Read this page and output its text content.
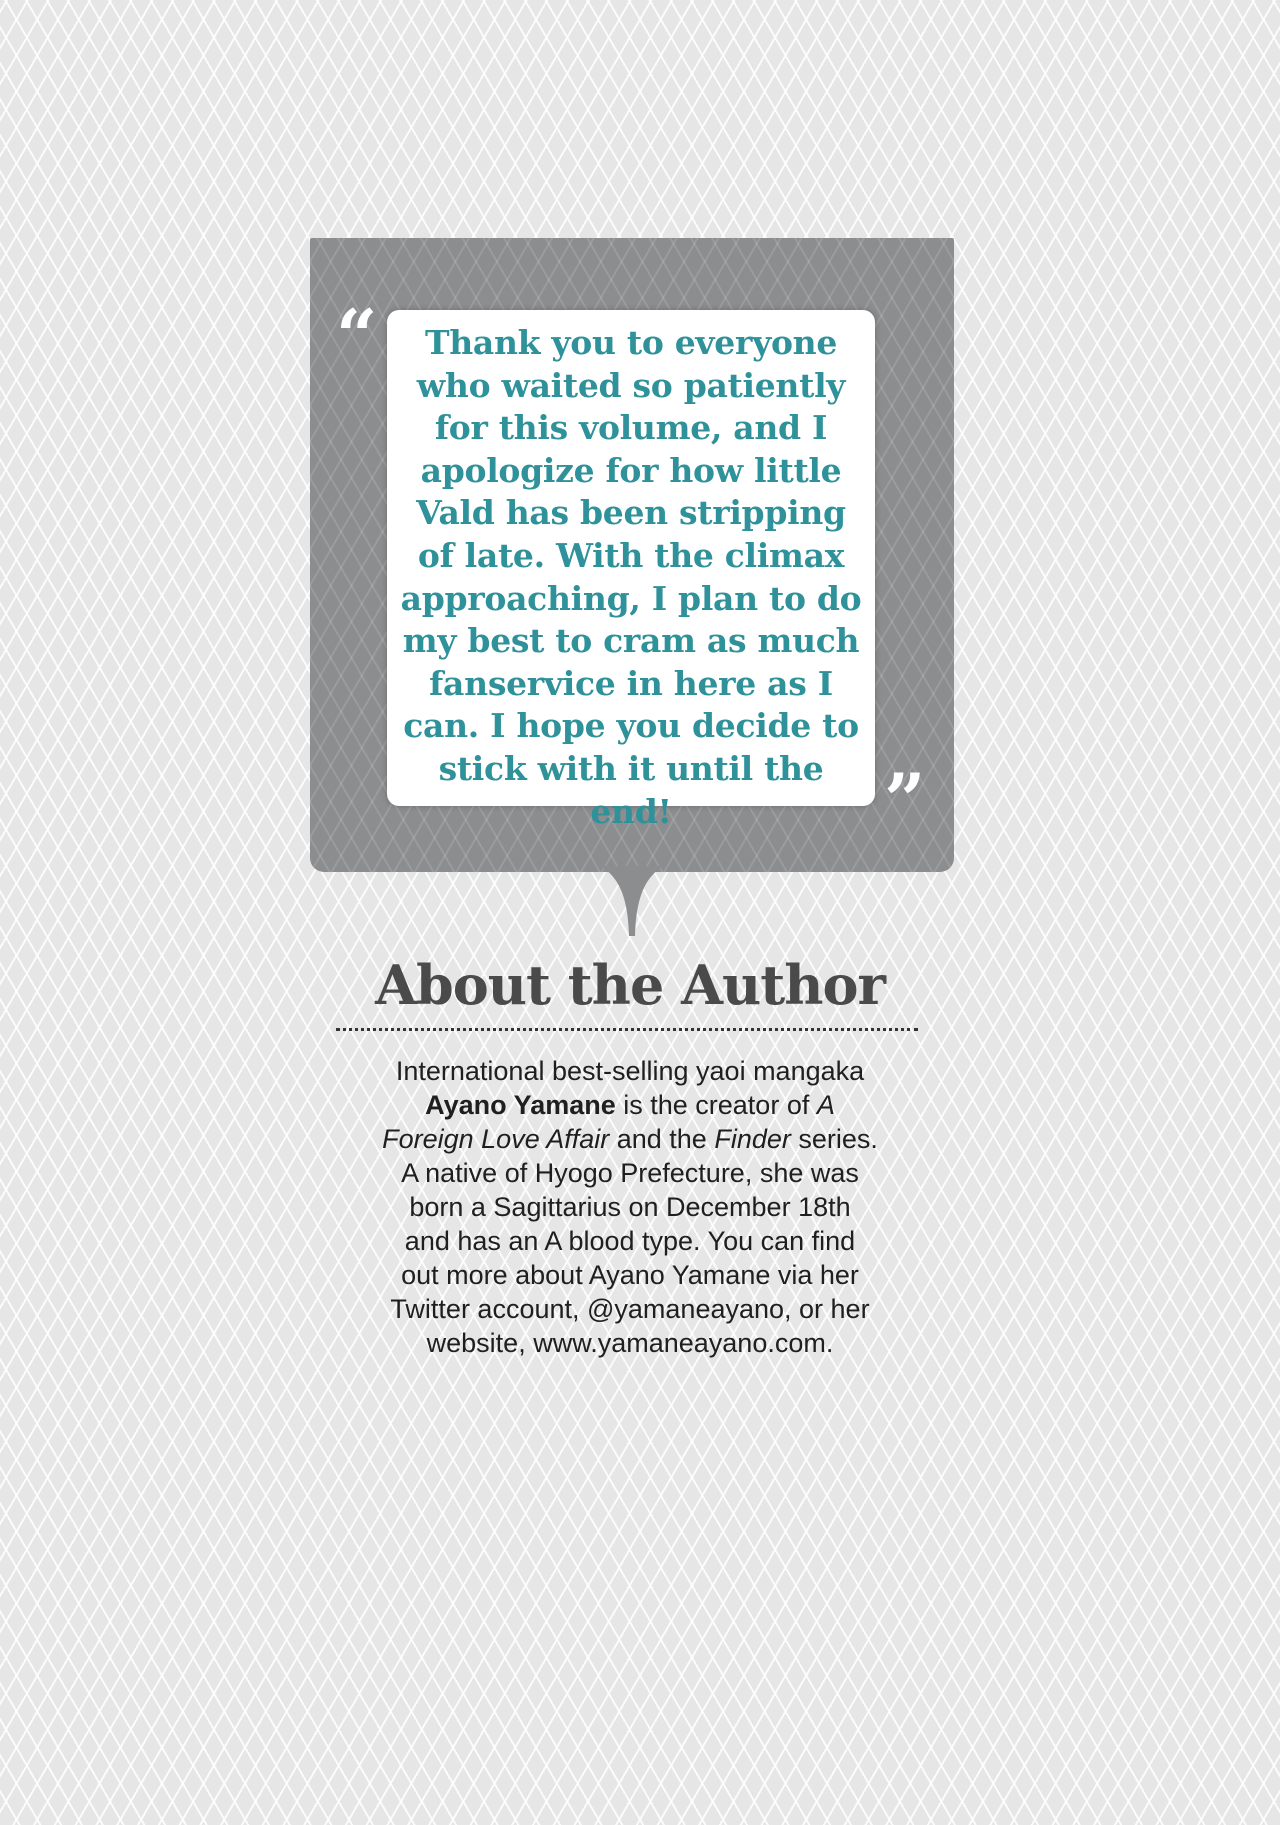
“
”

Thank you to everyone
who waited so patiently
for this volume, and I
apologize for how little
Vald has been stripping
of late. With the climax
approaching, I plan to do
my best to cram as much
fanservice in here as I
can. I hope you decide to
stick with it until the end!

About the Author

International best-selling yaoi mangaka
Ayano Yamane is the creator of A
Foreign Love Affair and the Finder series.
A native of Hyogo Prefecture, she was
born a Sagittarius on December 18th
and has an A blood type. You can find
out more about Ayano Yamane via her
Twitter account, @yamaneayano, or her
website, www.yamaneayano.com.
